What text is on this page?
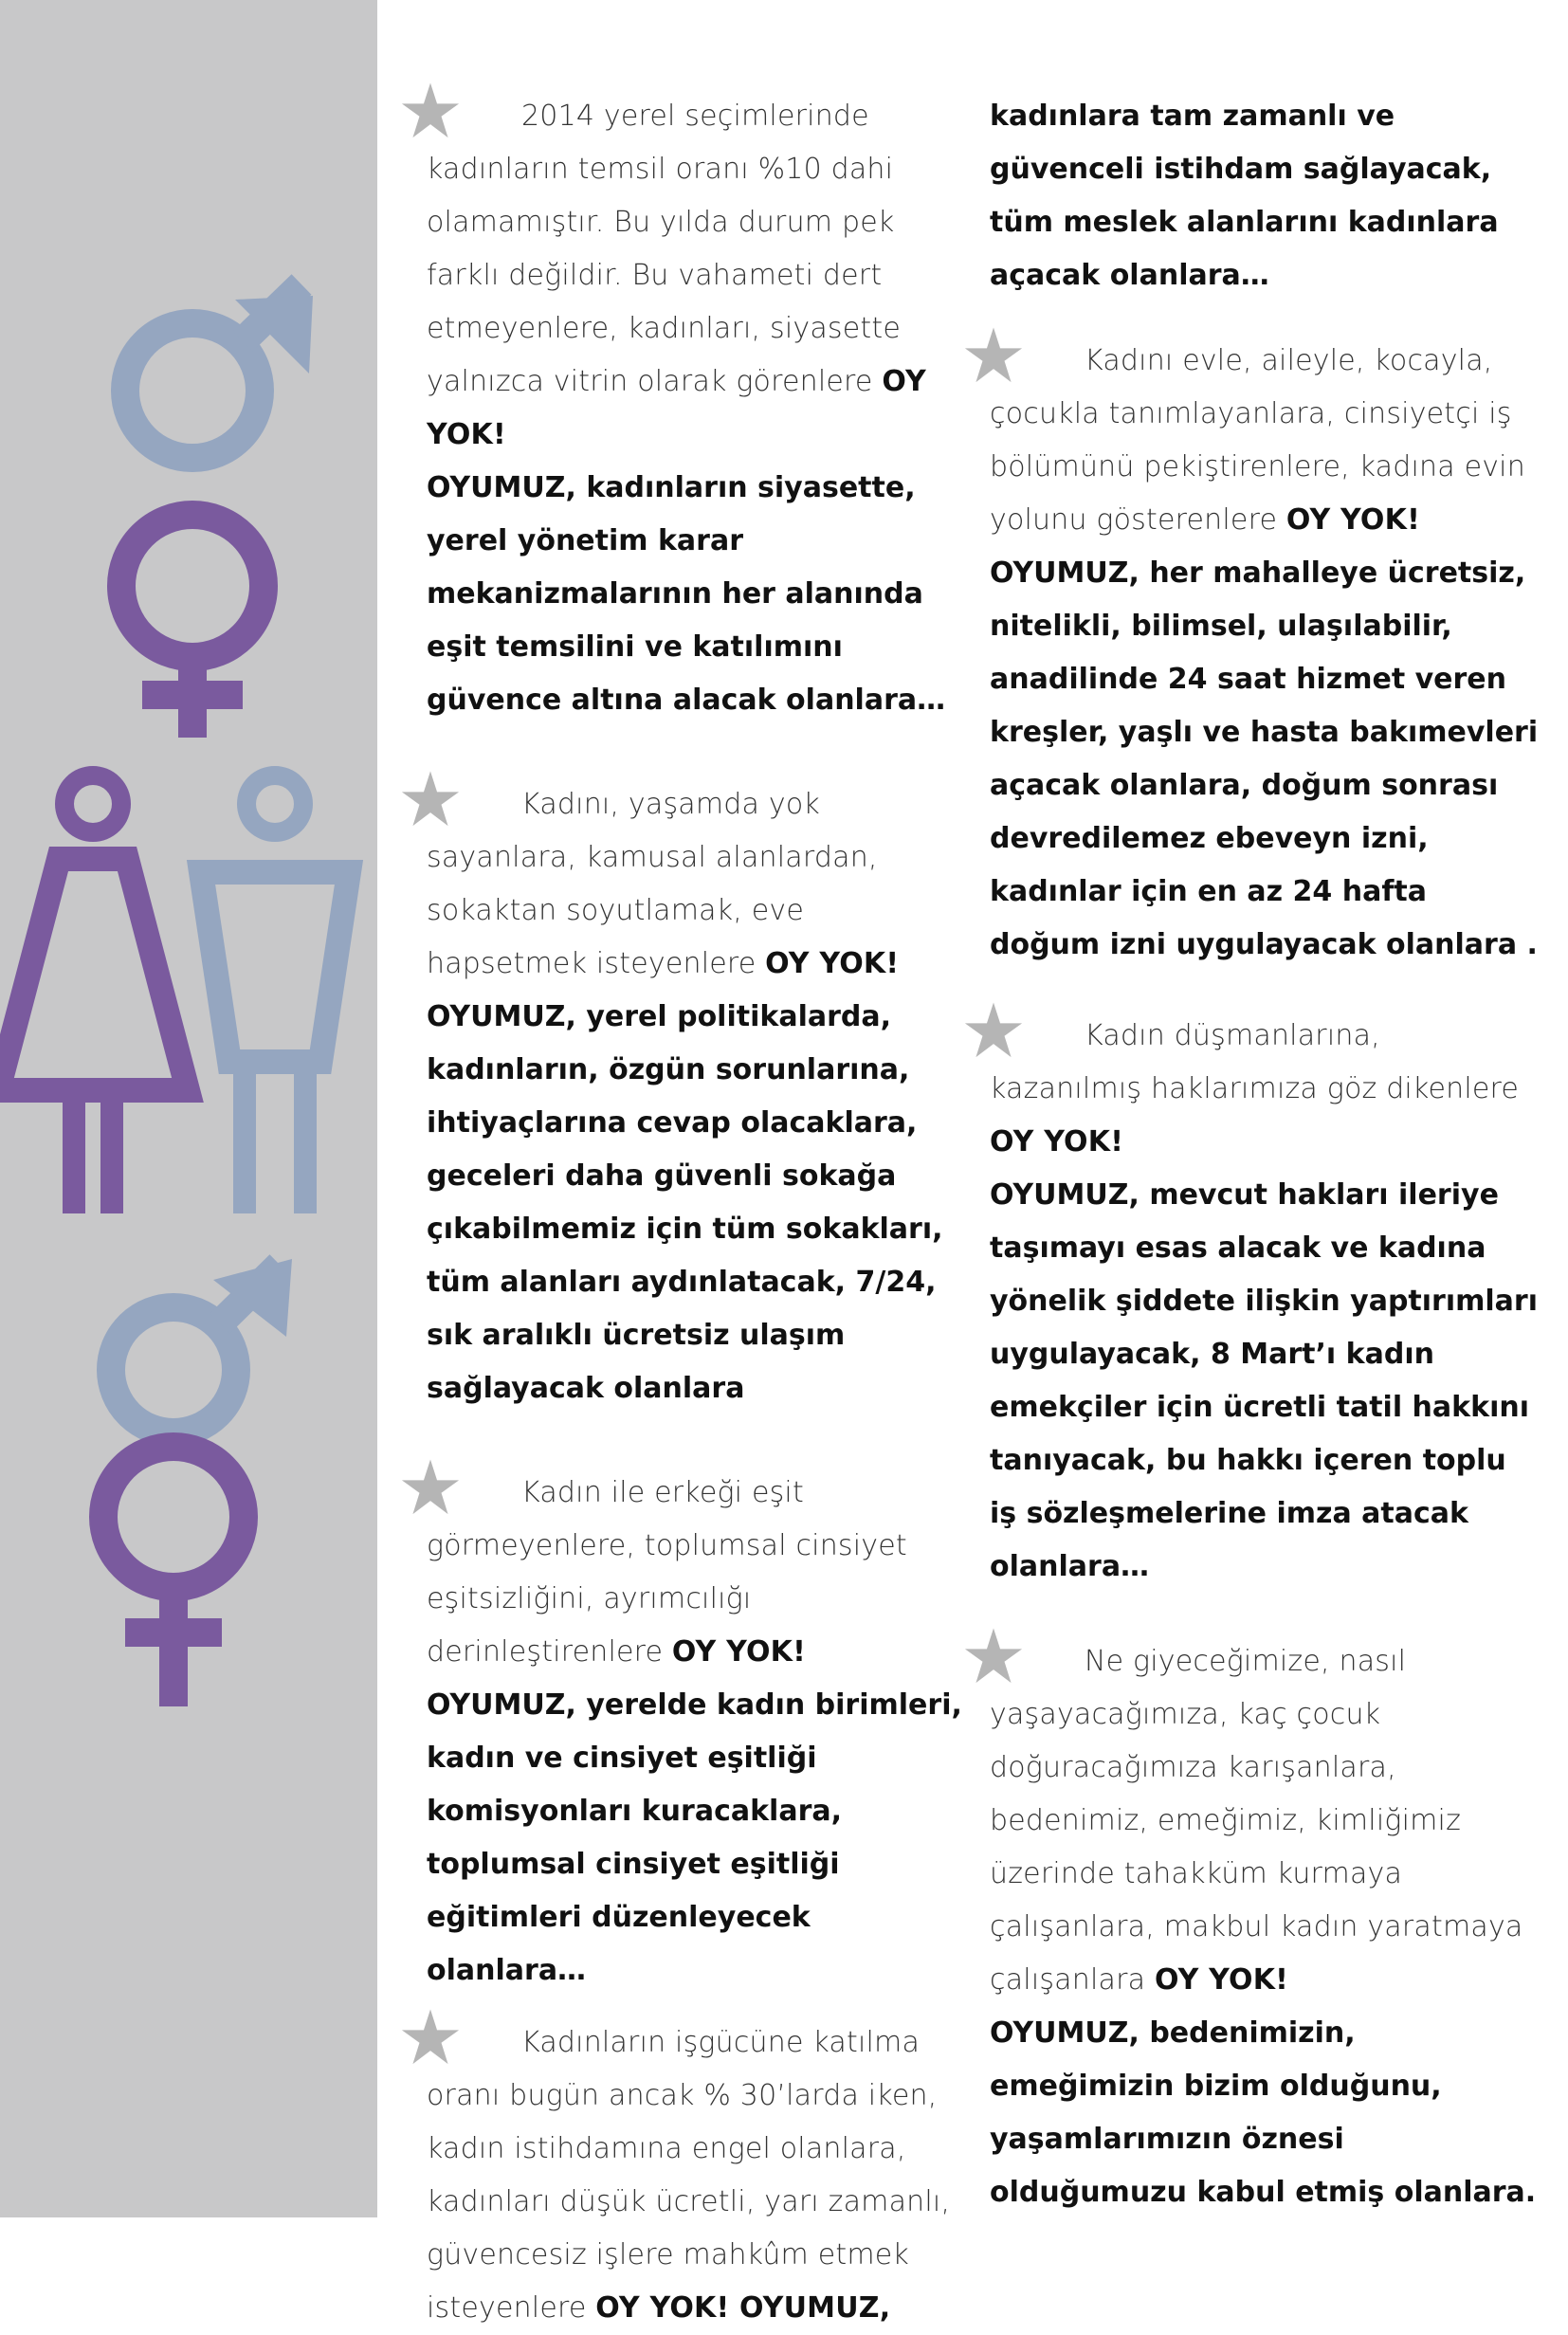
2014 yerel seçimlerinde kadınların temsil oranı %10 dahi olamamıştır. Bu yılda durum pek farklı değildir. Bu vahameti dert etmeyenlere, kadınları, siyasette yalnızca vitrin olarak görenlere OY YOK!

OYUMUZ, kadınların siyasette, yerel yönetim karar mekanizmalarının her alanında eşit temsilini ve katılımını güvence altına alacak olanlara…

Kadını, yaşamda yok sayanlara, kamusal alanlardan, sokaktan soyutlamak, eve hapsetmek isteyenlere OY YOK!

OYUMUZ, yerel politikalarda, kadınların, özgün sorunlarına, ihtiyaçlarına cevap olacaklara, geceleri daha güvenli sokağa çıkabilmemiz için tüm sokakları, tüm alanları aydınlatacak, 7/24, sık aralıklı ücretsiz ulaşım sağlayacak olanlara

Kadın ile erkeği eşit görmeyenlere, toplumsal cinsiyet eşitsizliğini, ayrımcılığı derinleştirenlere OY YOK!

OYUMUZ, yerelde kadın birimleri, kadın ve cinsiyet eşitliği komisyonları kuracaklara, toplumsal cinsiyet eşitliği eğitimleri düzenleyecek olanlara…

Kadınların işgücüne katılma oranı bugün ancak % 30’larda iken, kadın istihdamına engel olanlara, kadınları düşük ücretli, yarı zamanlı, güvencesiz işlere mahkûm etmek isteyenlere OY YOK! OYUMUZ,

kadınlara tam zamanlı ve güvenceli istihdam sağlayacak, tüm meslek alanlarını kadınlara açacak olanlara…

Kadını evle, aileyle, kocayla, çocukla tanımlayanlara, cinsiyetçi iş bölümünü pekiştirenlere, kadına evin yolunu gösterenlere OY YOK!

OYUMUZ, her mahalleye ücretsiz, nitelikli, bilimsel, ulaşılabilir, anadilinde 24 saat hizmet veren kreşler, yaşlı ve hasta bakımevleri açacak olanlara, doğum sonrası devredilemez ebeveyn izni, kadınlar için en az 24 hafta doğum izni uygulayacak olanlara .

Kadın düşmanlarına, kazanılmış haklarımıza göz dikenlere OY YOK!

OYUMUZ, mevcut hakları ileriye taşımayı esas alacak ve kadına yönelik şiddete ilişkin yaptırımları uygulayacak, 8 Mart’ı kadın emekçiler için ücretli tatil hakkını tanıyacak, bu hakkı içeren toplu iş sözleşmelerine imza atacak olanlara…

Ne giyeceğimize, nasıl yaşayacağımıza, kaç çocuk doğuracağımıza karışanlara, bedenimiz, emeğimiz, kimliğimiz üzerinde tahakküm kurmaya çalışanlara, makbul kadın yaratmaya çalışanlara OY YOK!

OYUMUZ, bedenimizin, emeğimizin bizim olduğunu, yaşamlarımızın öznesi olduğumuzu kabul etmiş olanlara.
